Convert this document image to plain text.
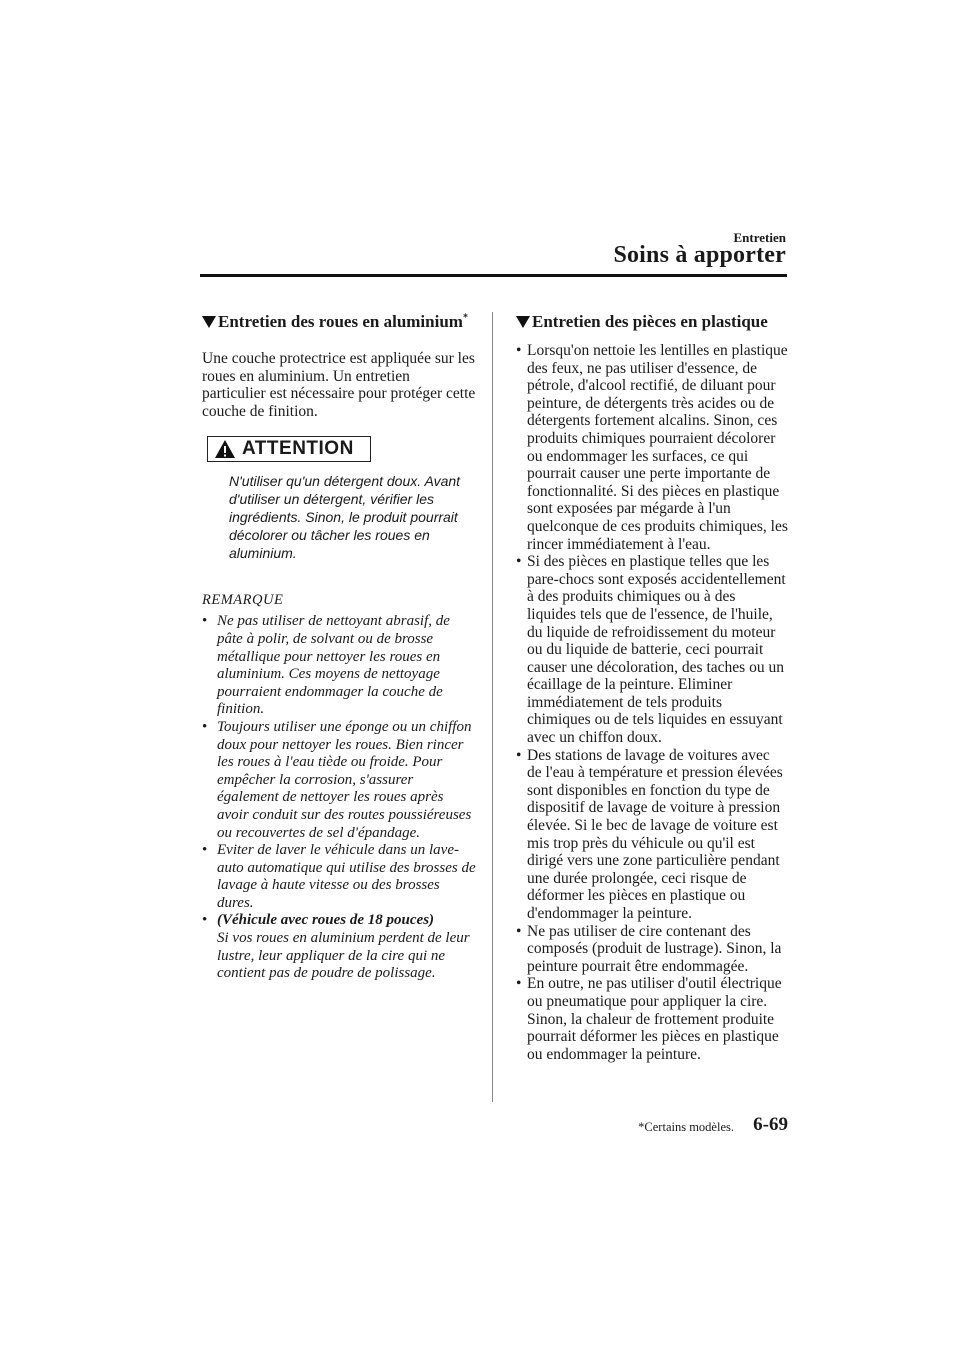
Entretien
Soins à apporter
Entretien des roues en aluminium*
Une couche protectrice est appliquée sur les roues en aluminium. Un entretien particulier est nécessaire pour protéger cette couche de finition.
ATTENTION
N'utiliser qu'un détergent doux. Avant d'utiliser un détergent, vérifier les ingrédients. Sinon, le produit pourrait décolorer ou tâcher les roues en aluminium.
REMARQUE
• Ne pas utiliser de nettoyant abrasif, de pâte à polir, de solvant ou de brosse métallique pour nettoyer les roues en aluminium. Ces moyens de nettoyage pourraient endommager la couche de finition.
• Toujours utiliser une éponge ou un chiffon doux pour nettoyer les roues. Bien rincer les roues à l'eau tiède ou froide. Pour empêcher la corrosion, s'assurer également de nettoyer les roues après avoir conduit sur des routes poussiéreuses ou recouvertes de sel d'épandage.
• Eviter de laver le véhicule dans un lave-auto automatique qui utilise des brosses de lavage à haute vitesse ou des brosses dures.
• (Véhicule avec roues de 18 pouces)
Si vos roues en aluminium perdent de leur lustre, leur appliquer de la cire qui ne contient pas de poudre de polissage.
Entretien des pièces en plastique
• Lorsqu'on nettoie les lentilles en plastique des feux, ne pas utiliser d'essence, de pétrole, d'alcool rectifié, de diluant pour peinture, de détergents très acides ou de détergents fortement alcalins. Sinon, ces produits chimiques pourraient décolorer ou endommager les surfaces, ce qui pourrait causer une perte importante de fonctionnalité. Si des pièces en plastique sont exposées par mégarde à l'un quelconque de ces produits chimiques, les rincer immédiatement à l'eau.
• Si des pièces en plastique telles que les pare-chocs sont exposés accidentellement à des produits chimiques ou à des liquides tels que de l'essence, de l'huile, du liquide de refroidissement du moteur ou du liquide de batterie, ceci pourrait causer une décoloration, des taches ou un écaillage de la peinture. Eliminer immédiatement de tels produits chimiques ou de tels liquides en essuyant avec un chiffon doux.
• Des stations de lavage de voitures avec de l'eau à température et pression élevées sont disponibles en fonction du type de dispositif de lavage de voiture à pression élevée. Si le bec de lavage de voiture est mis trop près du véhicule ou qu'il est dirigé vers une zone particulière pendant une durée prolongée, ceci risque de déformer les pièces en plastique ou d'endommager la peinture.
• Ne pas utiliser de cire contenant des composés (produit de lustrage). Sinon, la peinture pourrait être endommagée.
• En outre, ne pas utiliser d'outil électrique ou pneumatique pour appliquer la cire. Sinon, la chaleur de frottement produite pourrait déformer les pièces en plastique ou endommager la peinture.
*Certains modèles. 6-69
